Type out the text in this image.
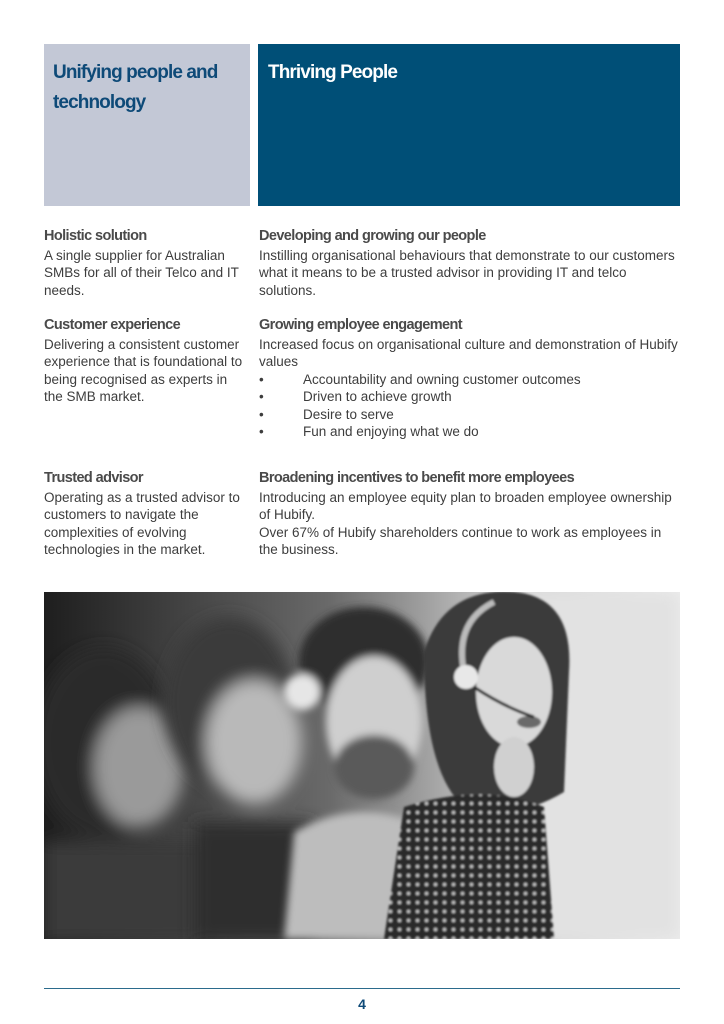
Unifying people and technology
Thriving People
Holistic solution

A single supplier for Australian SMBs for all of their Telco and IT needs.

Customer experience

Delivering a consistent customer experience that is foundational to being recognised as experts in the SMB market.

Trusted advisor

Operating as a trusted advisor to customers to navigate the complexities of evolving technologies in the market.

Developing and growing our people

Instilling organisational behaviours that demonstrate to our customers what it means to be a trusted advisor in providing IT and telco solutions.

Growing employee engagement

Increased focus on organisational culture and demonstration of Hubify values

•	Accountability and owning customer outcomes
•	Driven to achieve growth
•	Desire to serve
•	Fun and enjoying what we do
Broadening incentives to benefit more employees

Introducing an employee equity plan to broaden employee ownership of Hubify.

Over 67% of Hubify shareholders continue to work as employees in the business.

4
